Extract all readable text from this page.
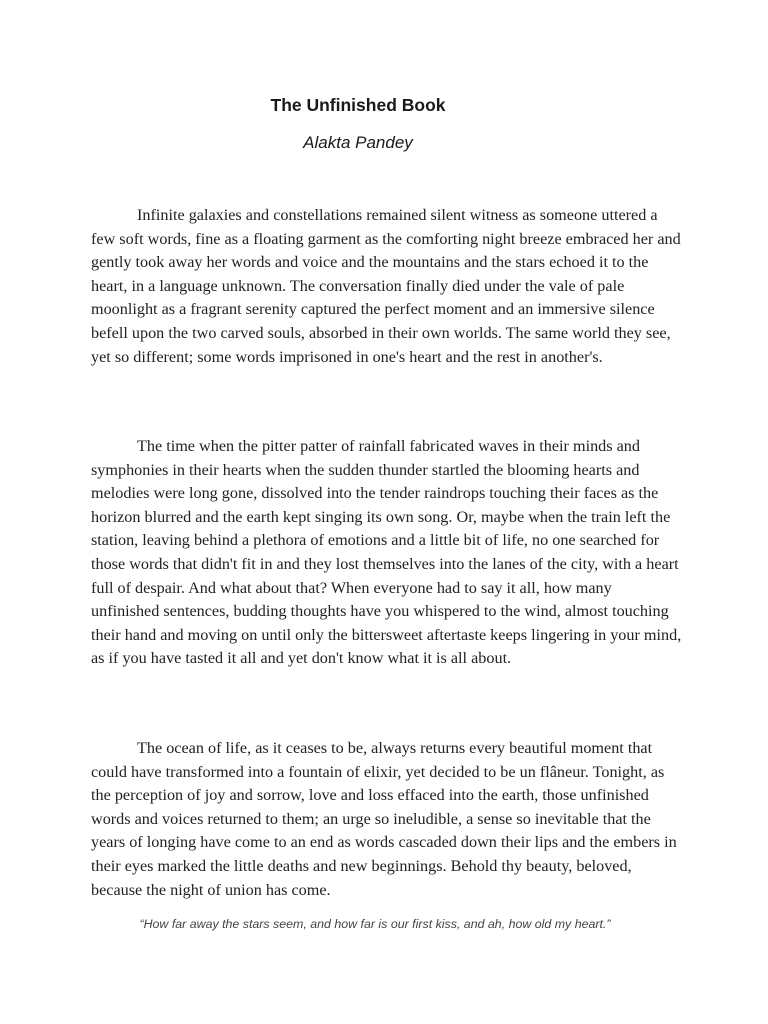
The Unfinished Book

Alakta Pandey

Infinite galaxies and constellations remained silent witness as someone uttered a few soft words, fine as a floating garment as the comforting night breeze embraced her and gently took away her words and voice and the mountains and the stars echoed it to the heart, in a language unknown. The conversation finally died under the vale of pale moonlight as a fragrant serenity captured the perfect moment and an immersive silence befell upon the two carved souls, absorbed in their own worlds. The same world they see, yet so different; some words imprisoned in one's heart and the rest in another's.

The time when the pitter patter of rainfall fabricated waves in their minds and symphonies in their hearts when the sudden thunder startled the blooming hearts and melodies were long gone, dissolved into the tender raindrops touching their faces as the horizon blurred and the earth kept singing its own song. Or, maybe when the train left the station, leaving behind a plethora of emotions and a little bit of life, no one searched for those words that didn't fit in and they lost themselves into the lanes of the city, with a heart full of despair. And what about that? When everyone had to say it all, how many unfinished sentences, budding thoughts have you whispered to the wind, almost touching their hand and moving on until only the bittersweet aftertaste keeps lingering in your mind, as if you have tasted it all and yet don't know what it is all about.

The ocean of life, as it ceases to be, always returns every beautiful moment that could have transformed into a fountain of elixir, yet decided to be un flâneur. Tonight, as the perception of joy and sorrow, love and loss effaced into the earth, those unfinished words and voices returned to them; an urge so ineludible, a sense so inevitable that the years of longing have come to an end as words cascaded down their lips and the embers in their eyes marked the little deaths and new beginnings. Behold thy beauty, beloved, because the night of union has come.

“How far away the stars seem, and how far is our first kiss, and ah, how old my heart.”
